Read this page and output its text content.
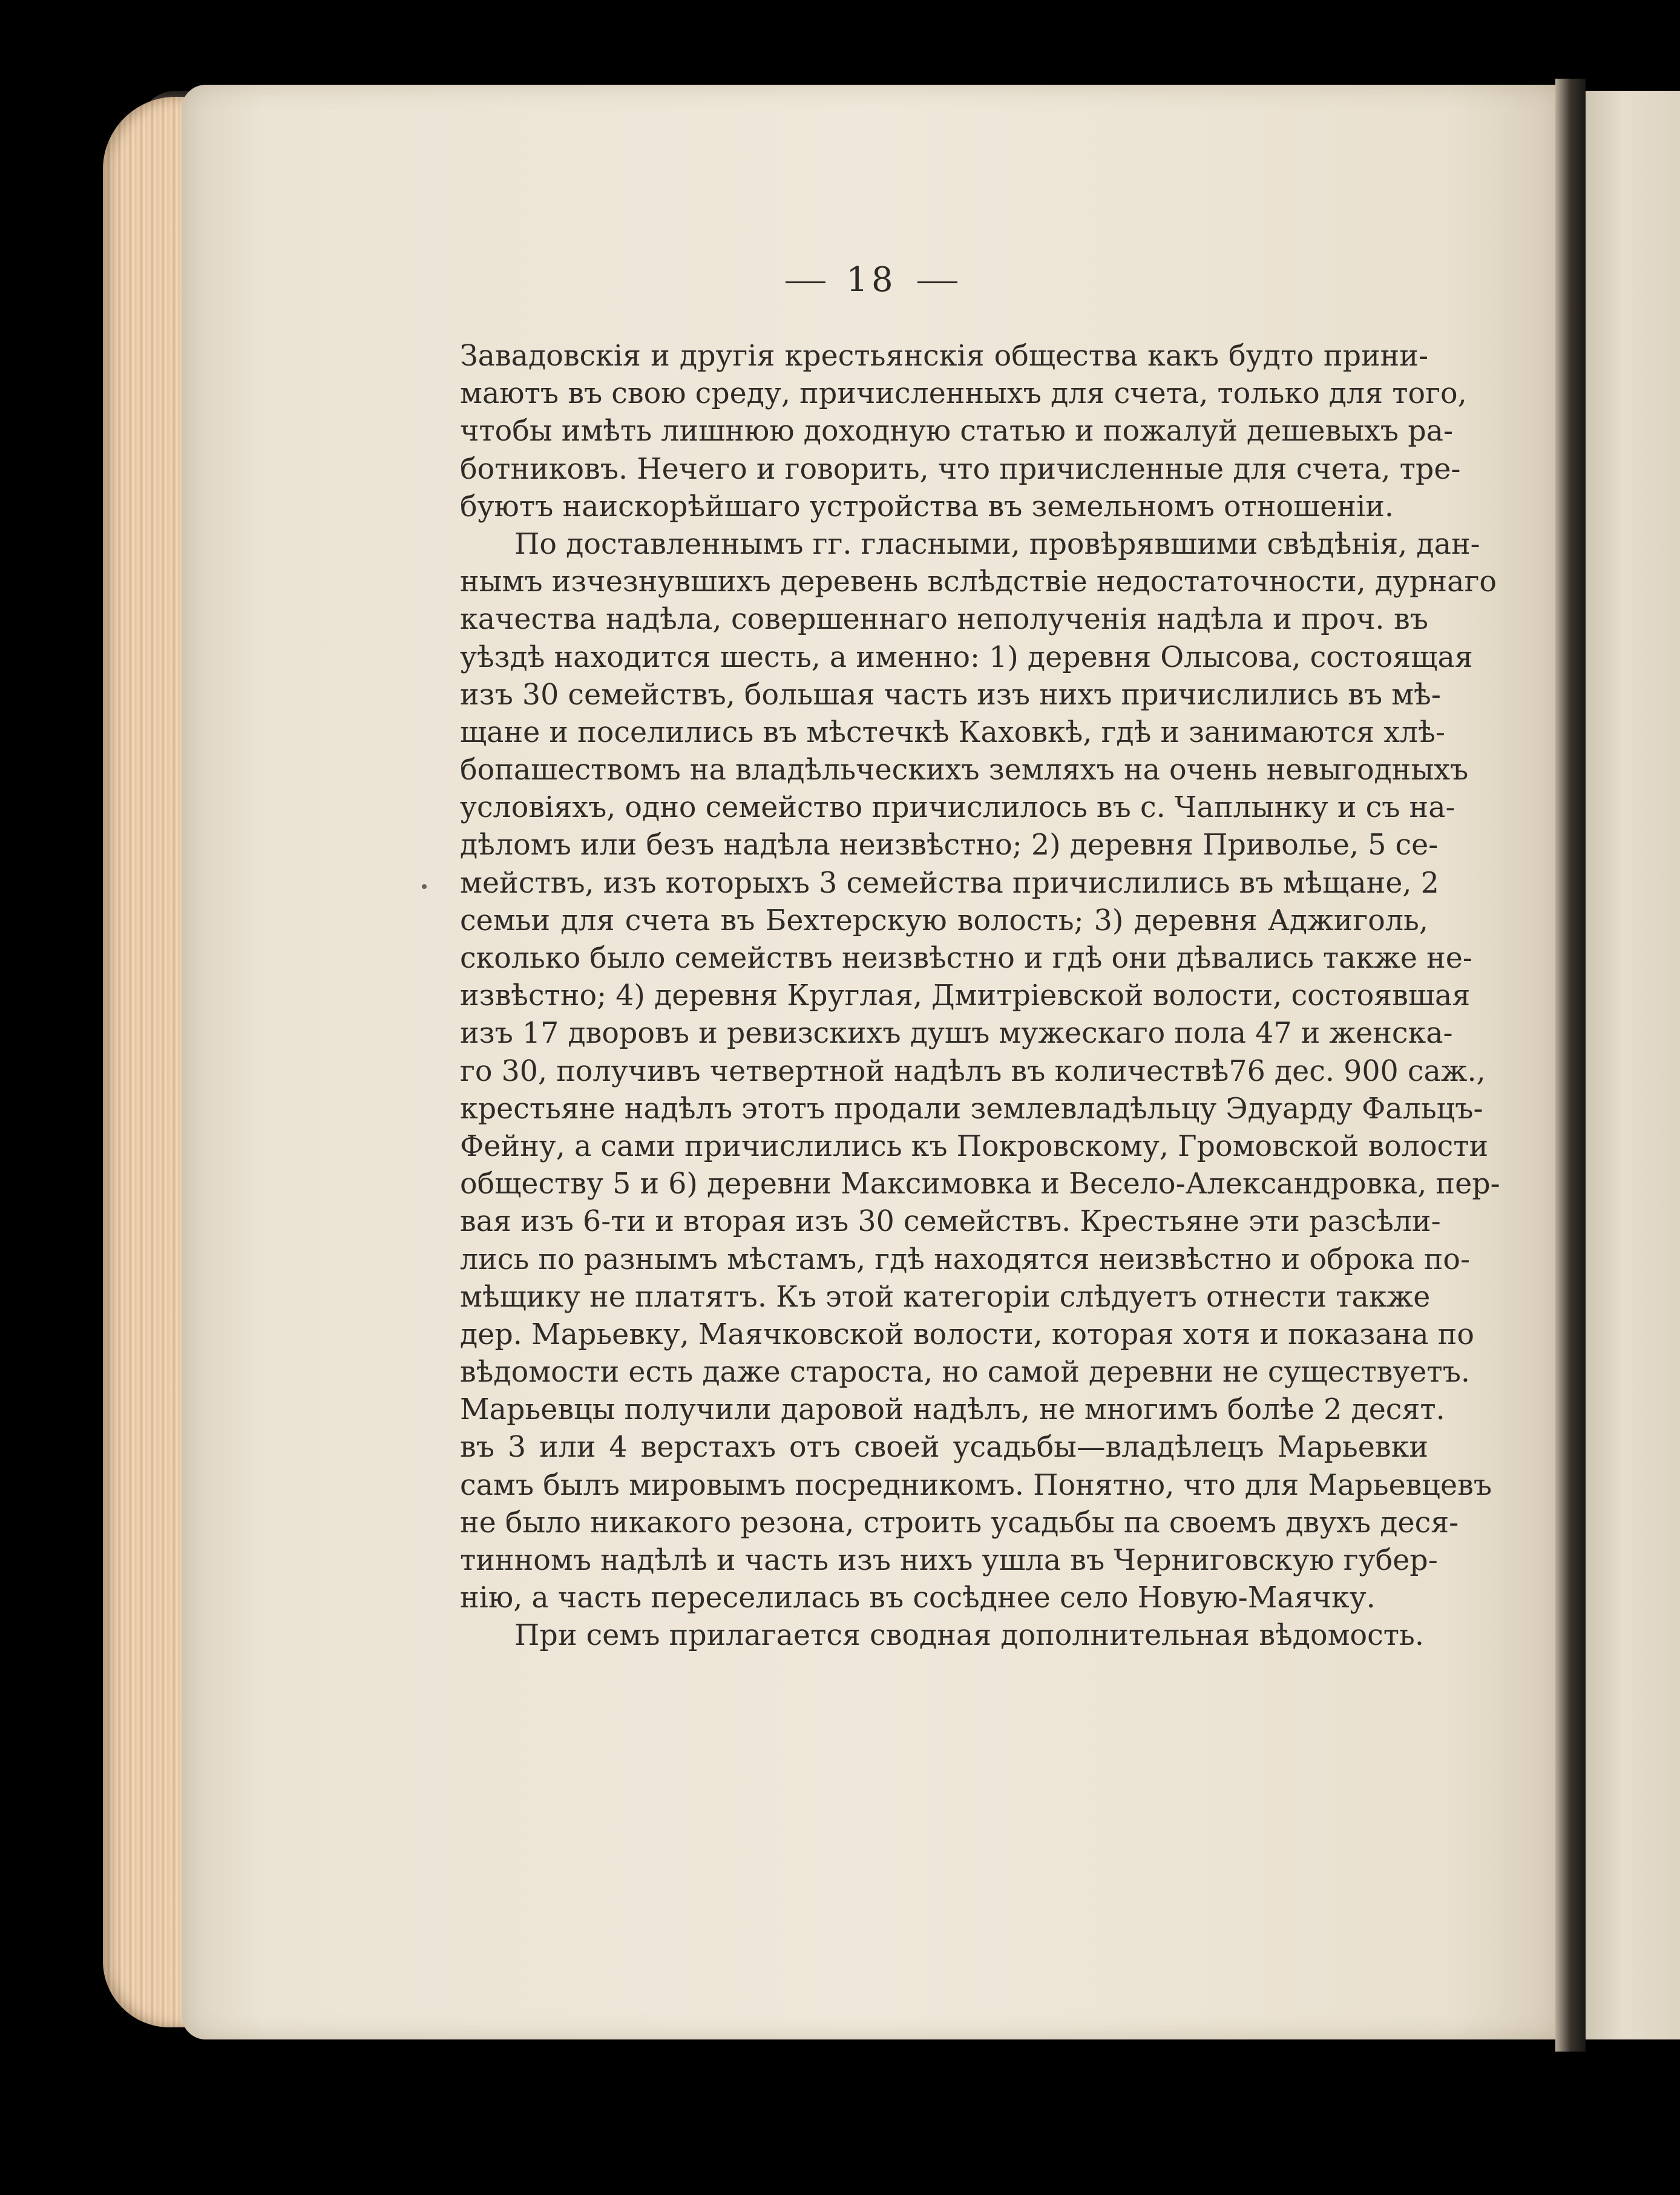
18
Завадовскія и другія крестьянскія общества какъ будто прини-
маютъ въ свою среду, причисленныхъ для счета, только для того,
чтобы имѣть лишнюю доходную статью и пожалуй дешевыхъ ра-
ботниковъ. Нечего и говорить, что причисленные для счета, тре-
буютъ наискорѣйшаго устройства въ земельномъ отношеніи.
По доставленнымъ гг. гласными, провѣрявшими свѣдѣнія, дан-
нымъ изчезнувшихъ деревень вслѣдствіе недостаточности, дурнаго
качества надѣла, совершеннаго неполученія надѣла и проч. въ
уѣздѣ находится шесть, а именно: 1) деревня Олысова, состоящая
изъ 30 семействъ, большая часть изъ нихъ причислились въ мѣ-
щане и поселились въ мѣстечкѣ Каховкѣ, гдѣ и занимаются хлѣ-
бопашествомъ на владѣльческихъ земляхъ на очень невыгодныхъ
условіяхъ, одно семейство причислилось въ с. Чаплынку и съ на-
дѣломъ или безъ надѣла неизвѣстно; 2) деревня Приволье, 5 се-
мействъ, изъ которыхъ 3 семейства причислились въ мѣщане, 2
семьи для счета въ Бехтерскую волость; 3) деревня Аджиголь,
сколько было семействъ неизвѣстно и гдѣ они дѣвались также не-
извѣстно; 4) деревня Круглая, Дмитріевской волости, состоявшая
изъ 17 дворовъ и ревизскихъ душъ мужескаго пола 47 и женска-
го 30, получивъ четвертной надѣлъ въ количествѣ76 дес. 900 саж.,
крестьяне надѣлъ этотъ продали землевладѣльцу Эдуарду Фальцъ-
Фейну, а сами причислились къ Покровскому, Громовской волости
обществу 5 и 6) деревни Максимовка и Весело-Александровка, пер-
вая изъ 6-ти и вторая изъ 30 семействъ. Крестьяне эти разсѣли-
лись по разнымъ мѣстамъ, гдѣ находятся неизвѣстно и оброка по-
мѣщику не платятъ. Къ этой категоріи слѣдуетъ отнести также
дер. Марьевку, Маячковской волости, которая хотя и показана по
вѣдомости есть даже староста, но самой деревни не существуетъ.
Марьевцы получили даровой надѣлъ, не многимъ болѣе 2 десят.
въ 3 или 4 верстахъ отъ своей усадьбы—владѣлецъ Марьевки
самъ былъ мировымъ посредникомъ. Понятно, что для Марьевцевъ
не было никакого резона, строить усадьбы па своемъ двухъ деся-
тинномъ надѣлѣ и часть изъ нихъ ушла въ Черниговскую губер-
нію, а часть переселилась въ сосѣднее село Новую-Маячку.
При семъ прилагается сводная дополнительная вѣдомость.
